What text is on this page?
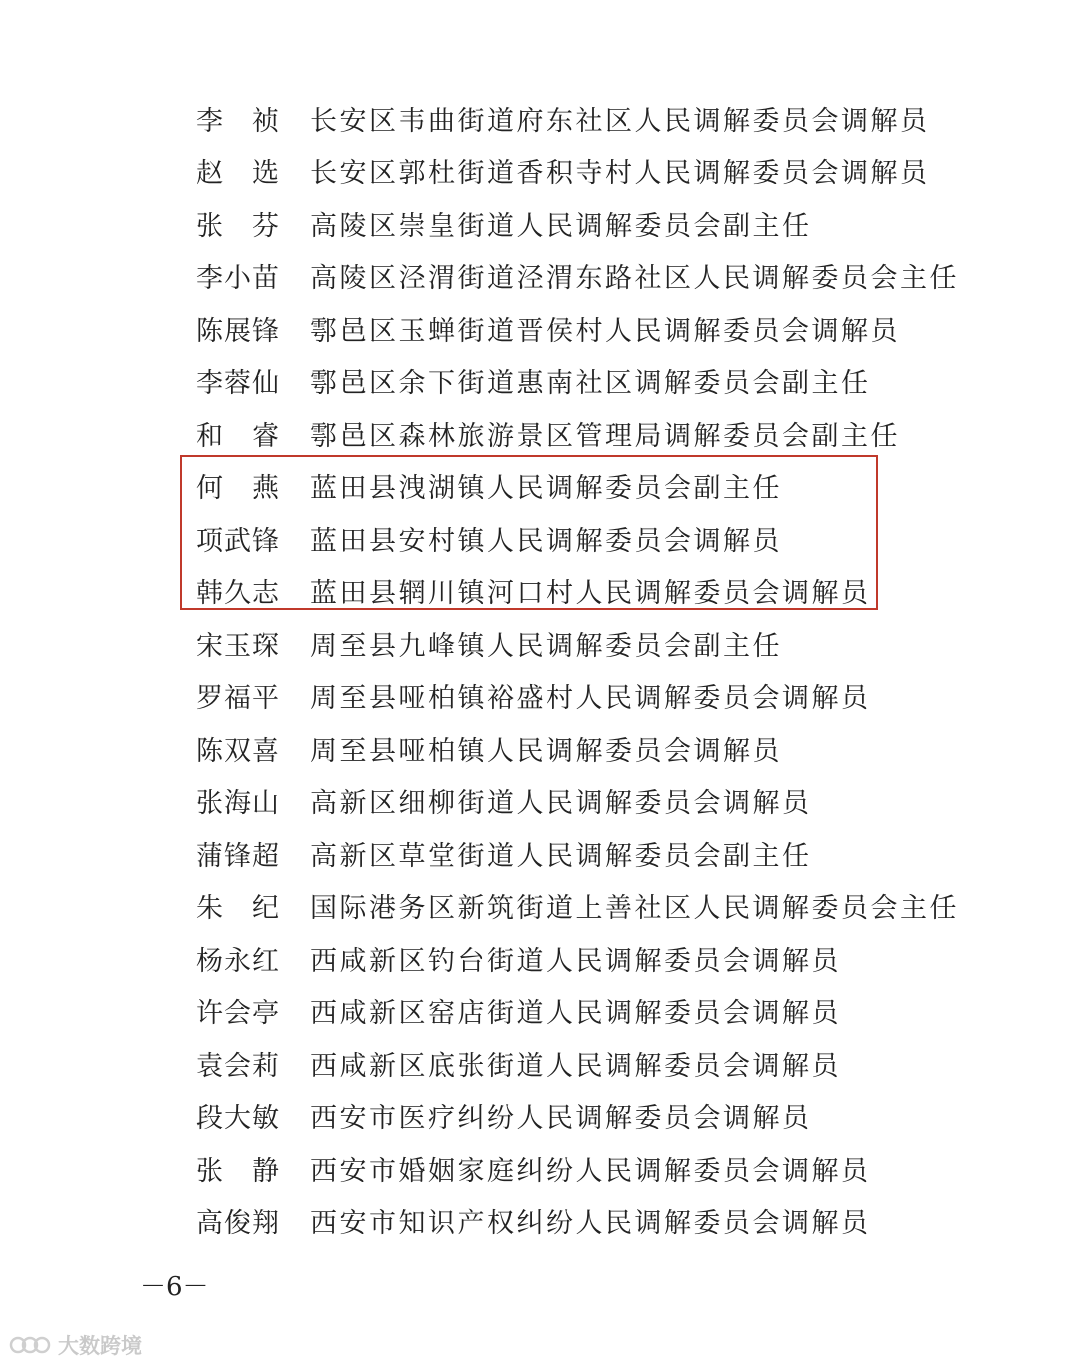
李　祯	长安区韦曲街道府东社区人民调解委员会调解员
赵　选	长安区郭杜街道香积寺村人民调解委员会调解员
张　芬	高陵区崇皇街道人民调解委员会副主任
李小苗	高陵区泾渭街道泾渭东路社区人民调解委员会主任
陈展锋	鄠邑区玉蝉街道晋侯村人民调解委员会调解员
李蓉仙	鄠邑区余下街道惠南社区调解委员会副主任
和　睿	鄠邑区森林旅游景区管理局调解委员会副主任
何　燕	蓝田县洩湖镇人民调解委员会副主任
项武锋	蓝田县安村镇人民调解委员会调解员
韩久志	蓝田县辋川镇河口村人民调解委员会调解员
宋玉琛	周至县九峰镇人民调解委员会副主任
罗福平	周至县哑柏镇裕盛村人民调解委员会调解员
陈双喜	周至县哑柏镇人民调解委员会调解员
张海山	高新区细柳街道人民调解委员会调解员
蒲锋超	高新区草堂街道人民调解委员会副主任
朱　纪	国际港务区新筑街道上善社区人民调解委员会主任
杨永红	西咸新区钓台街道人民调解委员会调解员
许会亭	西咸新区窑店街道人民调解委员会调解员
袁会莉	西咸新区底张街道人民调解委员会调解员
段大敏	西安市医疗纠纷人民调解委员会调解员
张　静	西安市婚姻家庭纠纷人民调解委员会调解员
高俊翔	西安市知识产权纠纷人民调解委员会调解员
－6－
大数跨境
